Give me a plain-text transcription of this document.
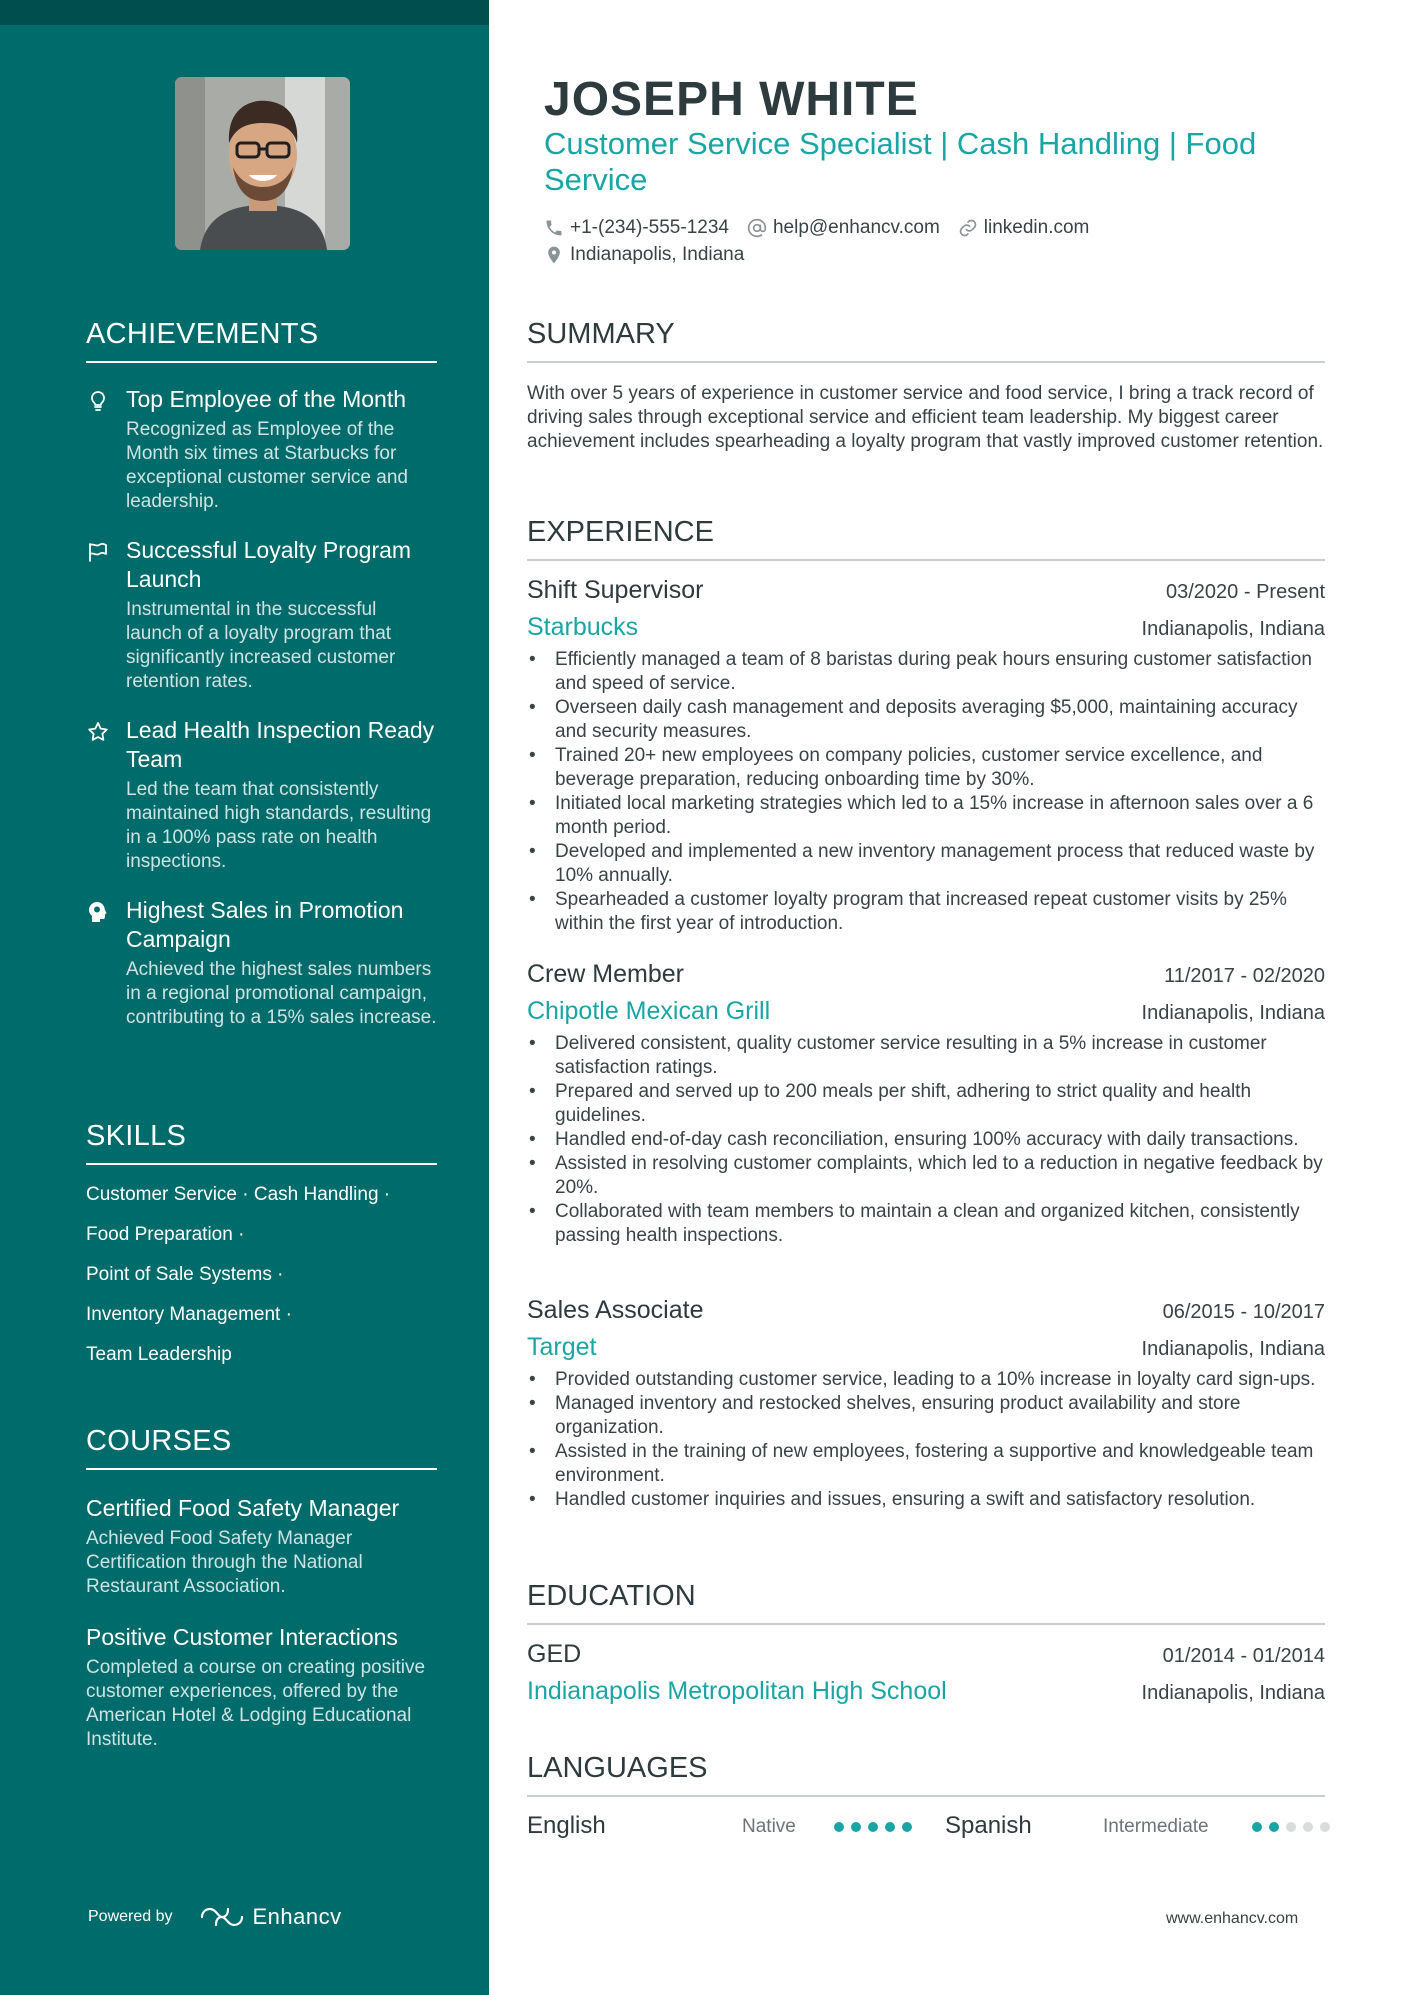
ACHIEVEMENTS
Top Employee of the Month
Recognized as Employee of the Month six times at Starbucks for exceptional customer service and leadership.
Successful Loyalty Program Launch
Instrumental in the successful launch of a loyalty program that significantly increased customer retention rates.
Lead Health Inspection Ready Team
Led the team that consistently maintained high standards, resulting in a 100% pass rate on health inspections.
Highest Sales in Promotion Campaign
Achieved the highest sales numbers in a regional promotional campaign, contributing to a 15% sales increase.
SKILLS
Customer Service · Cash Handling ·
Food Preparation ·
Point of Sale Systems ·
Inventory Management ·
Team Leadership
COURSES
Certified Food Safety Manager
Achieved Food Safety Manager Certification through the National Restaurant Association.
Positive Customer Interactions
Completed a course on creating positive customer experiences, offered by the American Hotel & Lodging Educational Institute.
Powered by	Enhancv
JOSEPH WHITE
Customer Service Specialist | Cash Handling | Food Service
+1-(234)-555-1234 help@enhancv.com linkedin.com
Indianapolis, Indiana
SUMMARY
With over 5 years of experience in customer service and food service, I bring a track record of driving sales through exceptional service and efficient team leadership. My biggest career achievement includes spearheading a loyalty program that vastly improved customer retention.
EXPERIENCE
Shift Supervisor	03/2020 - Present
Starbucks	Indianapolis, Indiana
• Efficiently managed a team of 8 baristas during peak hours ensuring customer satisfaction and speed of service.
• Overseen daily cash management and deposits averaging $5,000, maintaining accuracy and security measures.
• Trained 20+ new employees on company policies, customer service excellence, and beverage preparation, reducing onboarding time by 30%.
• Initiated local marketing strategies which led to a 15% increase in afternoon sales over a 6 month period.
• Developed and implemented a new inventory management process that reduced waste by 10% annually.
• Spearheaded a customer loyalty program that increased repeat customer visits by 25% within the first year of introduction.
Crew Member	11/2017 - 02/2020
Chipotle Mexican Grill	Indianapolis, Indiana
• Delivered consistent, quality customer service resulting in a 5% increase in customer satisfaction ratings.
• Prepared and served up to 200 meals per shift, adhering to strict quality and health guidelines.
• Handled end-of-day cash reconciliation, ensuring 100% accuracy with daily transactions.
• Assisted in resolving customer complaints, which led to a reduction in negative feedback by 20%.
• Collaborated with team members to maintain a clean and organized kitchen, consistently passing health inspections.
Sales Associate	06/2015 - 10/2017
Target	Indianapolis, Indiana
• Provided outstanding customer service, leading to a 10% increase in loyalty card sign-ups.
• Managed inventory and restocked shelves, ensuring product availability and store organization.
• Assisted in the training of new employees, fostering a supportive and knowledgeable team environment.
• Handled customer inquiries and issues, ensuring a swift and satisfactory resolution.
EDUCATION
GED	01/2014 - 01/2014
Indianapolis Metropolitan High School	Indianapolis, Indiana
LANGUAGES
English	Native	Spanish	Intermediate
www.enhancv.com
